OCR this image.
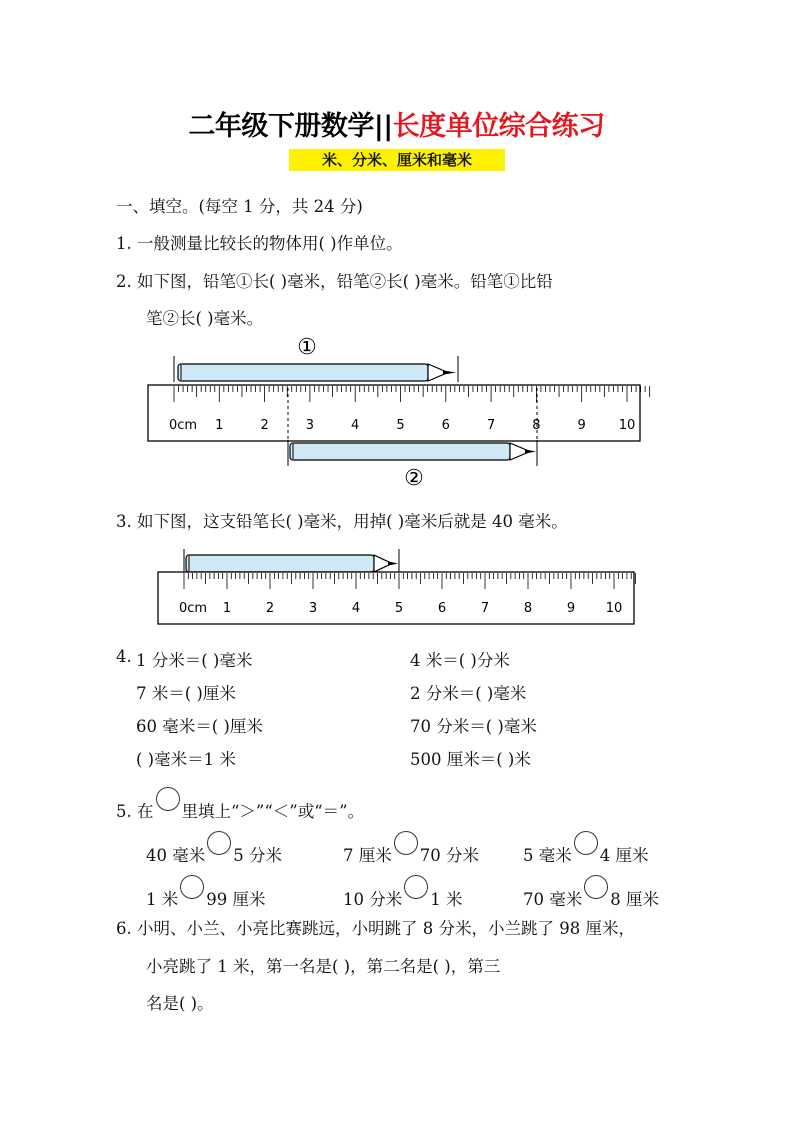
二年级下册数学||长度单位综合练习
米、分米、厘米和毫米
一、填空。(每空 1 分，共 24 分)
1. 一般测量比较长的物体用( )作单位。
2. 如下图，铅笔①长( )毫米，铅笔②长( )毫米。铅笔①比铅
笔②长( )毫米。
①
0cm 1	2	3	4	5	6	7	8	9	10
②
3. 如下图，这支铅笔长( )毫米，用掉( )毫米后就是 40 毫米。
0cm 1	2	3	4	5	6	7	8	9 10
4. 1 分米＝( )毫米	4 米＝( )分米
7 米＝( )厘米	2 分米＝( )毫米
60 毫米＝( )厘米	70 分米＝( )毫米
( )毫米＝1 米	500 厘米＝( )米
5. 在 里填上“＞”“＜”或“＝”。
40 毫米 5 分米	7 厘米 70 分米	5 毫米 4 厘米
1 米 99 厘米	10 分米 1 米	70 毫米 8 厘米
6. 小明、小兰、小亮比赛跳远，小明跳了 8 分米，小兰跳了 98 厘米，
小亮跳了 1 米，第一名是( )，第二名是( )，第三
名是( )。
